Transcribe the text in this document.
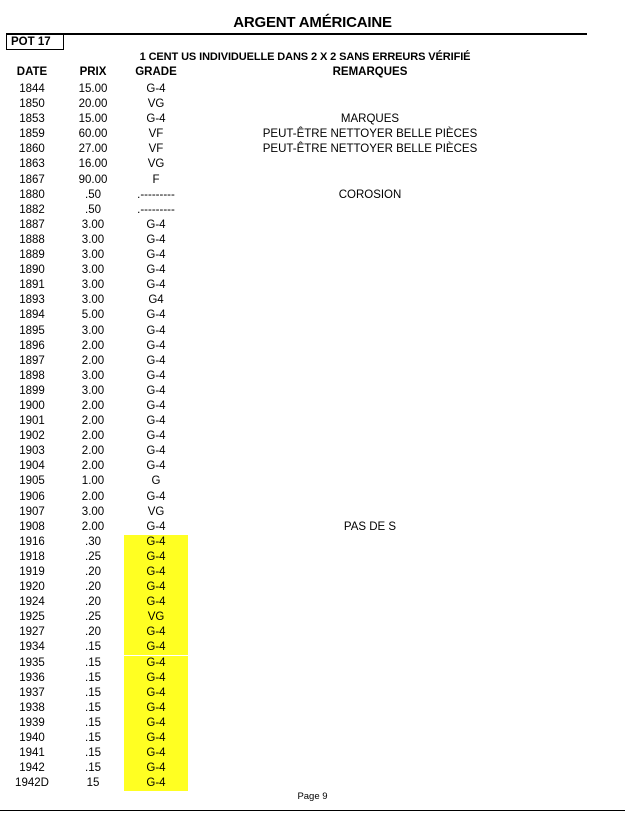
ARGENT AMÉRICAINE
POT 17
1 CENT US INDIVIDUELLE DANS 2 X 2 SANS ERREURS VÉRIFIÉ
DATE	PRIX	GRADE	REMARQUES
1844	15.00	G-4
1850	20.00	VG
1853	15.00	G-4	MARQUES
1859	60.00	VF	PEUT-ÊTRE NETTOYER BELLE PIÈCES
1860	27.00	VF	PEUT-ÊTRE NETTOYER BELLE PIÈCES
1863	16.00	VG
1867	90.00	F
1880	.50	.---------	COROSION
1882	.50	.---------
1887	3.00	G-4
1888	3.00	G-4
1889	3.00	G-4
1890	3.00	G-4
1891	3.00	G-4
1893	3.00	G4
1894	5.00	G-4
1895	3.00	G-4
1896	2.00	G-4
1897	2.00	G-4
1898	3.00	G-4
1899	3.00	G-4
1900	2.00	G-4
1901	2.00	G-4
1902	2.00	G-4
1903	2.00	G-4
1904	2.00	G-4
1905	1.00	G
1906	2.00	G-4
1907	3.00	VG
1908	2.00	G-4	PAS DE S
1916	.30	G-4
1918	.25	G-4
1919	.20	G-4
1920	.20	G-4
1924	.20	G-4
1925	.25	VG
1927	.20	G-4
1934	.15	G-4
1935	.15	G-4
1936	.15	G-4
1937	.15	G-4
1938	.15	G-4
1939	.15	G-4
1940	.15	G-4
1941	.15	G-4
1942	.15	G-4
1942D	15	G-4
Page 9
